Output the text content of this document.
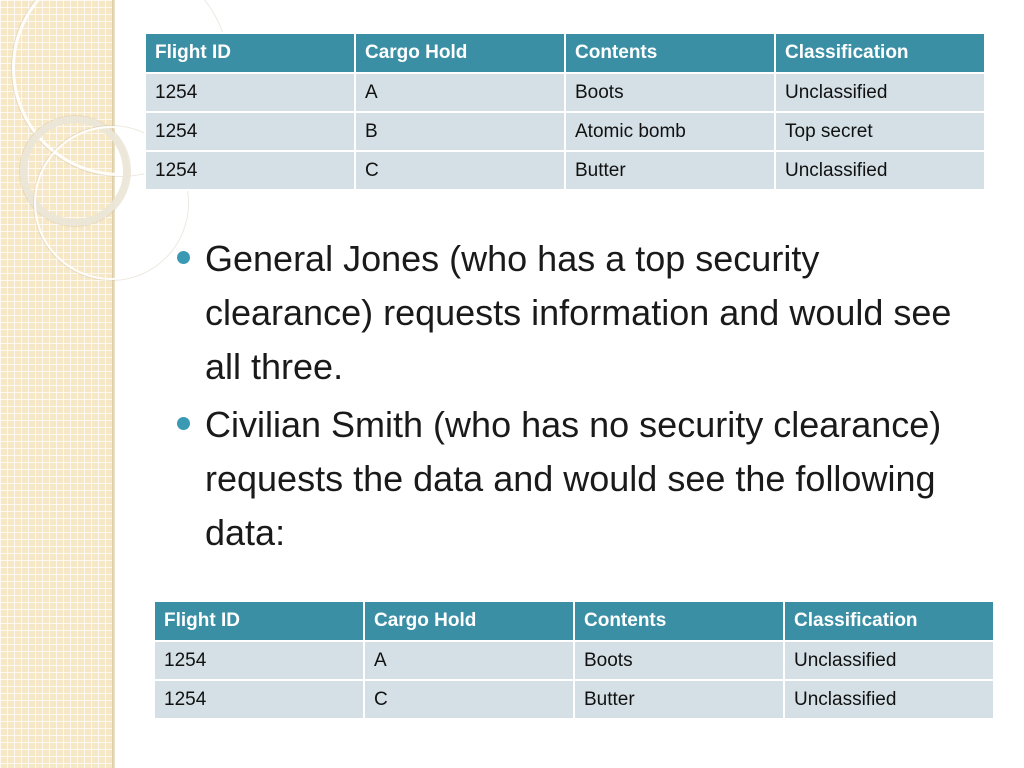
Flight ID	Cargo Hold	Contents	Classification
1254	A	Boots	Unclassified
1254	B	Atomic bomb	Top secret
1254	C	Butter	Unclassified
General Jones (who has a top security clearance) requests information and would see all three.
Civilian Smith (who has no security clearance) requests the data and would see the following data:
Flight ID	Cargo Hold	Contents	Classification
1254	A	Boots	Unclassified
1254	C	Butter	Unclassified
